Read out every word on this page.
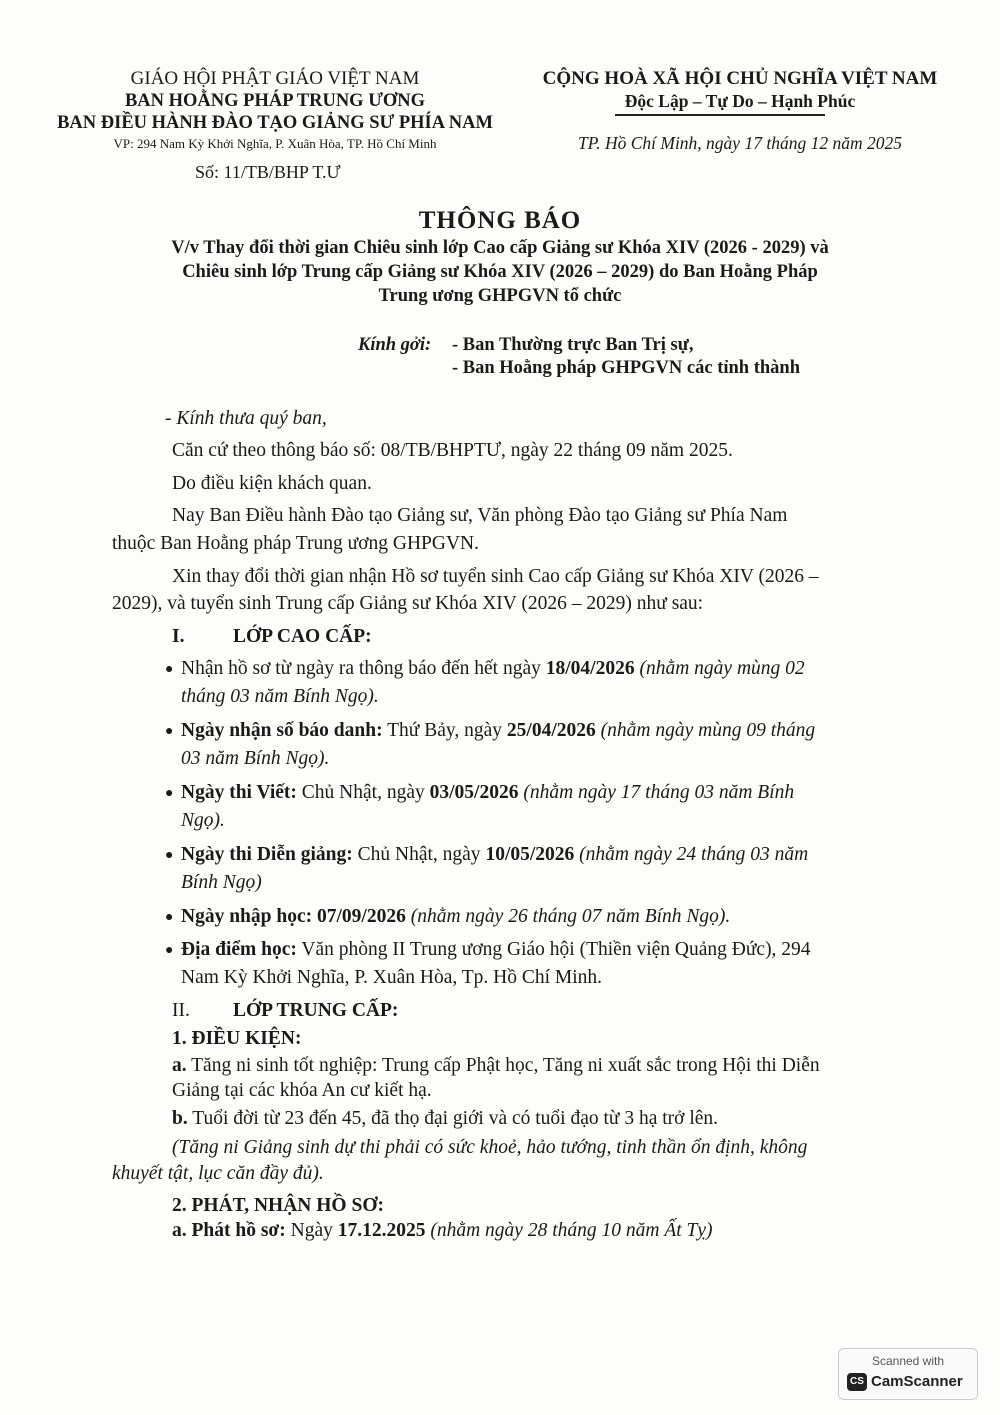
GIÁO HỘI PHẬT GIÁO VIỆT NAM
BAN HOẰNG PHÁP TRUNG ƯƠNG
BAN ĐIỀU HÀNH ĐÀO TẠO GIẢNG SƯ PHÍA NAM
VP: 294 Nam Kỳ Khởi Nghĩa, P. Xuân Hòa, TP. Hồ Chí Minh
Số: 11/TB/BHP T.Ư
CỘNG HOÀ XÃ HỘI CHỦ NGHĨA VIỆT NAM
Độc Lập – Tự Do – Hạnh Phúc
TP. Hồ Chí Minh, ngày 17 tháng 12 năm 2025
THÔNG BÁO
V/v Thay đổi thời gian Chiêu sinh lớp Cao cấp Giảng sư Khóa XIV (2026 - 2029) và
Chiêu sinh lớp Trung cấp Giảng sư Khóa XIV (2026 – 2029) do Ban Hoằng Pháp
Trung ương GHPGVN tổ chức
Kính gởi: - Ban Thường trực Ban Trị sự,
- Ban Hoằng pháp GHPGVN các tỉnh thành
- Kính thưa quý ban,
Căn cứ theo thông báo số: 08/TB/BHPTƯ, ngày 22 tháng 09 năm 2025.
Do điều kiện khách quan.
Nay Ban Điều hành Đào tạo Giảng sư, Văn phòng Đào tạo Giảng sư Phía Nam
thuộc Ban Hoằng pháp Trung ương GHPGVN.
Xin thay đổi thời gian nhận Hồ sơ tuyển sinh Cao cấp Giảng sư Khóa XIV (2026 –
2029), và tuyển sinh Trung cấp Giảng sư Khóa XIV (2026 – 2029) như sau:
I. LỚP CAO CẤP:
● Nhận hồ sơ từ ngày ra thông báo đến hết ngày 18/04/2026 (nhằm ngày mùng 02
tháng 03 năm Bính Ngọ).
● Ngày nhận số báo danh: Thứ Bảy, ngày 25/04/2026 (nhằm ngày mùng 09 tháng
03 năm Bính Ngọ).
● Ngày thi Viết: Chủ Nhật, ngày 03/05/2026 (nhằm ngày 17 tháng 03 năm Bính
Ngọ).
● Ngày thi Diễn giảng: Chủ Nhật, ngày 10/05/2026 (nhằm ngày 24 tháng 03 năm
Bính Ngọ)
● Ngày nhập học: 07/09/2026 (nhằm ngày 26 tháng 07 năm Bính Ngọ).
● Địa điểm học: Văn phòng II Trung ương Giáo hội (Thiền viện Quảng Đức), 294
Nam Kỳ Khởi Nghĩa, P. Xuân Hòa, Tp. Hồ Chí Minh.
II. LỚP TRUNG CẤP:
1. ĐIỀU KIỆN:
a. Tăng ni sinh tốt nghiệp: Trung cấp Phật học, Tăng ni xuất sắc trong Hội thi Diễn
Giảng tại các khóa An cư kiết hạ.
b. Tuổi đời từ 23 đến 45, đã thọ đại giới và có tuổi đạo từ 3 hạ trở lên.
(Tăng ni Giảng sinh dự thi phải có sức khoẻ, hảo tướng, tinh thần ổn định, không
khuyết tật, lục căn đầy đủ).
2. PHÁT, NHẬN HỒ SƠ:
a. Phát hồ sơ: Ngày 17.12.2025 (nhằm ngày 28 tháng 10 năm Ất Tỵ)
Scanned with
CS CamScanner
